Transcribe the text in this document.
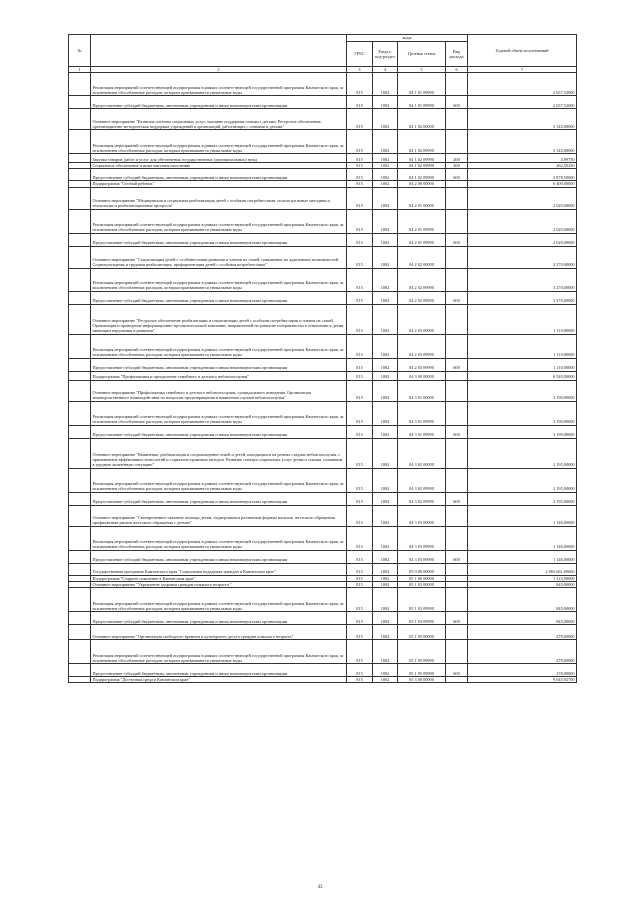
№		коды				Годовой объем ассигнований
		ГРБС	Раздел, под-раздел	Целевая статья	Вид расхода	
1	2	3	4	5	6	7
	Реализация мероприятий соответствующей подпрограммы в рамках соответствующей государственной программы Камчатского края, за исключением обособленных расходов, которым присваиваются уникальные коды	815	1002	04 1 01 09990		2 657,52000
	Предоставление субсидий бюджетным, автономным учреждениям и иным некоммерческим организациям	815	1002	04 1 01 09990	600	2 657,52000
	Основное мероприятие "Развитие системы социальных услуг, оказание поддержки семьям с детьми. Ресурсное обеспечение, организационно-методическая поддержка учреждений и организаций, работающих с семьями и детьми"	815	1002	04 1 02 00000		3 145,00000
	Реализация мероприятий соответствующей подпрограммы в рамках соответствующей государственной программы Камчатского края, за исключением обособленных расходов, которым присваиваются уникальные коды	815	1002	04 1 02 09990		3 145,00000
	Закупка товаров, работ и услуг для обеспечения государственных (муниципальных) нужд	815	1002	04 1 02 09990	200	3,99750
	Социальное обеспечение и иные выплаты населению	815	1002	04 1 02 09990	300	262,50250
	Предоставление субсидий бюджетным, автономным учреждениям и иным некоммерческим организациям	815	1002	04 1 02 09990	600	2 878,50000
	Подпрограмма "Особый ребенок"	815	1002	04 2 00 00000		6 400,00000
	Основное мероприятие "Медицинская и социальная реабилитация детей с особыми потребностями, используя новые методики и технологии и реабилитационные процессы"	815	1002	04 2 01 00000		2 020,00000
	Реализация мероприятий соответствующей подпрограммы в рамках соответствующей государственной программы Камчатского края, за исключением обособленных расходов, которым присваиваются уникальные коды	815	1002	04 2 01 09990		2 020,00000
	Предоставление субсидий бюджетным, автономным учреждениям и иным некоммерческим организациям	815	1002	04 2 01 09990	600	2 020,00000
	Основное мероприятие "Социализация детей с особенностями развития и членов их семей, повышение их адаптивных возможностей. Социокультурная и трудовая реабилитация, профориентация детей с особыми потребностями"	815	1002	04 2 02 00000		3 270,00000
	Реализация мероприятий соответствующей подпрограммы в рамках соответствующей государственной программы Камчатского края, за исключением обособленных расходов, которым присваиваются уникальные коды	815	1002	04 2 02 09990		3 270,00000
	Предоставление субсидий бюджетным, автономным учреждениям и иным некоммерческим организациям	815	1002	04 2 02 09990	600	3 270,00000
	Основное мероприятие "Ресурсное обеспечение реабилитации и социализации детей с особыми потребностями и членов их семей. Организация и проведение информационно-просветительской кампании, направленной на развитие толерантности в отношении к детям, имеющим нарушения в развитии"	815	1002	04 2 03 00000		1 110,00000
	Реализация мероприятий соответствующей подпрограммы в рамках соответствующей государственной программы Камчатского края, за исключением обособленных расходов, которым присваиваются уникальные коды	815	1002	04 2 03 09990		1 110,00000
	Предоставление субсидий бюджетным, автономным учреждениям и иным некоммерческим организациям	815	1002	04 2 03 09990	600	1 110,00000
	Подпрограмма "Профилактика и преодоление семейного и детского неблагополучия"	815	1002	04 3 00 00000		6 540,00000
	Основное мероприятие "Профилактика семейного и детского неблагополучия, суицидального поведения. Организация межведомственного взаимодействия по вопросам предотвращения и выявления случаев неблагополучия"	815	1002	04 3 01 00000		3 199,00000
	Реализация мероприятий соответствующей подпрограммы в рамках соответствующей государственной программы Камчатского края, за исключением обособленных расходов, которым присваиваются уникальные коды	815	1002	04 3 01 09990		3 199,00000
	Предоставление субсидий бюджетным, автономным учреждениям и иным некоммерческим организациям	815	1002	04 3 01 09990	600	3 199,00000
	Основное мероприятие "Выявление, реабилитация и сопровождение семей и детей, находящихся на разных стадиях неблагополучия, с применением эффективных технологий и социально-правовых методов. Развитие спектра социальных услуг детям и семьям, попавшим в трудную жизненную ситуацию"	815	1002	04 3 02 00000		2 195,00000
	Реализация мероприятий соответствующей подпрограммы в рамках соответствующей государственной программы Камчатского края, за исключением обособленных расходов, которым присваиваются уникальные коды	815	1002	04 3 02 09990		2 195,00000
	Предоставление субсидий бюджетным, автономным учреждениям и иным некоммерческим организациям	815	1002	04 3 02 09990	600	2 195,00000
	Основное мероприятие "Своевременное оказание помощи детям, подвергшимся различным формам насилия, жестокого обращения, профилактика рисков жестокого обращения с детьми"	815	1002	04 3 03 00000		1 146,00000
	Реализация мероприятий соответствующей подпрограммы в рамках соответствующей государственной программы Камчатского края, за исключением обособленных расходов, которым присваиваются уникальные коды	815	1002	04 3 03 09990		1 146,00000
	Предоставление субсидий бюджетным, автономным учреждениям и иным некоммерческим организациям	815	1002	04 3 03 09990	600	1 146,00000
	Государственная программа Камчатского края "Социальная поддержка граждан в Камчатском крае"	815	1002	05 0 00 00000		2 065 661,69660
	Подпрограмма "Старшее поколение в Камчатском крае"	815	1002	05 1 00 00000		1 123,00000
	Основное мероприятие "Укрепление здоровья граждан пожилого возраста "	815	1002	05 1 03 00000		845,00000
	Реализация мероприятий соответствующей подпрограммы в рамках соответствующей государственной программы Камчатского края, за исключением обособленных расходов, которым присваиваются уникальные коды	815	1002	05 1 03 09990		845,00000
	Предоставление субсидий бюджетным, автономным учреждениям и иным некоммерческим организациям	815	1002	05 1 03 09990	600	845,00000
	Основное мероприятие "Организация свободного времени и культурного досуга граждан пожилого возраста"	815	1002	05 1 05 00000		278,00000
	Реализация мероприятий соответствующей подпрограммы в рамках соответствующей государственной программы Камчатского края, за исключением обособленных расходов, которым присваиваются уникальные коды	815	1002	05 1 05 09990		278,00000
	Предоставление субсидий бюджетным, автономным учреждениям и иным некоммерческим организациям	815	1002	05 1 05 09990	600	278,00000
	Подпрограмма "Доступная среда в Камчатском крае"	815	1002	05 3 00 00000		9 045,92700
43
